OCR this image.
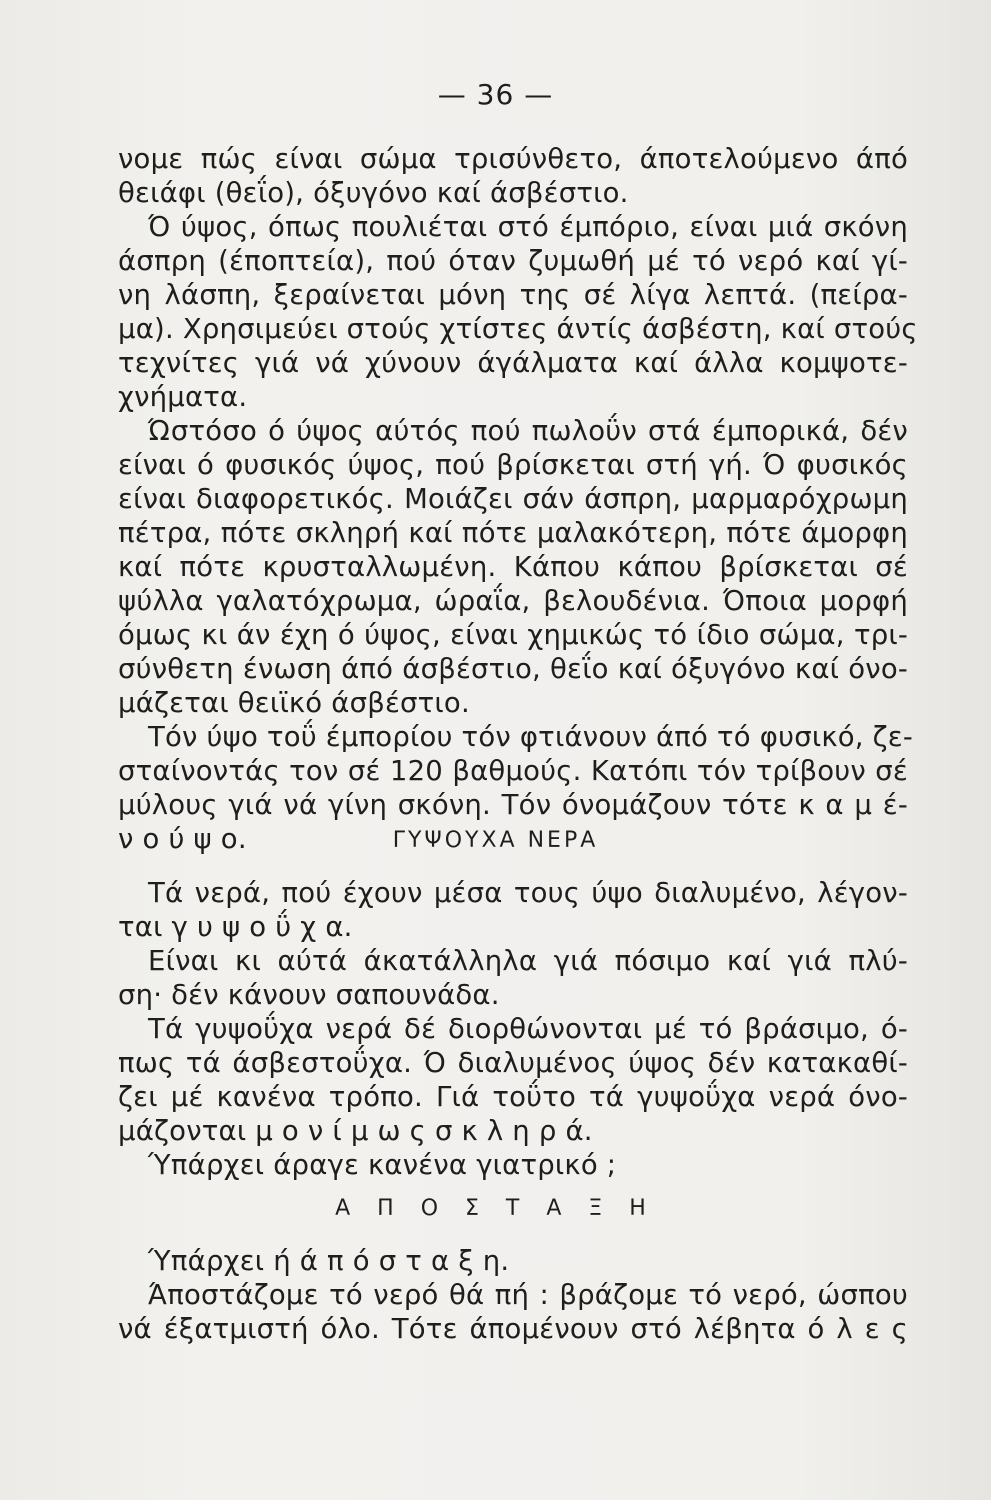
— 36 —
νομε πώς είναι σώμα τρισύνθετο, άποτελούμενο άπό
θειάφι (θεΐο), όξυγόνο καί άσβέστιο.
Ό ύψος, όπως πουλιέται στό έμπόριο, είναι μιά σκόνη
άσπρη (έποπτεία), πού όταν ζυμωθή μέ τό νερό καί γί-
νη λάσπη, ξεραίνεται μόνη της σέ λίγα λεπτά. (πείρα-
μα). Χρησιμεύει στούς χτίστες άντίς άσβέστη, καί στούς
τεχνίτες γιά νά χύνουν άγάλματα καί άλλα κομψοτε-
χνήματα.
Ώστόσο ό ύψος αύτός πού πωλοΰν στά έμπορικά, δέν
είναι ό φυσικός ύψος, πού βρίσκεται στή γή. Ό φυσικός
είναι διαφορετικός. Μοιάζει σάν άσπρη, μαρμαρόχρωμη
πέτρα, πότε σκληρή καί πότε μαλακότερη, πότε άμορφη
καί πότε κρυσταλλωμένη. Κάπου κάπου βρίσκεται σέ
ψύλλα γαλατόχρωμα, ώραΐα, βελουδένια. Όποια μορφή
όμως κι άν έχη ό ύψος, είναι χημικώς τό ίδιο σώμα, τρι-
σύνθετη ένωση άπό άσβέστιο, θεΐο καί όξυγόνο καί όνο-
μάζεται θειϊκό άσβέστιο.
Τόν ύψο τοΰ έμπορίου τόν φτιάνουν άπό τό φυσικό, ζε-
σταίνοντάς τον σέ 120 βαθμούς. Κατόπι τόν τρίβουν σέ
μύλους γιά νά γίνη σκόνη. Τόν όνομάζουν τότε κ α μ έ-
ν ο ύ ψ ο.	ΓΥΨΟΥΧΑ ΝΕΡΑ
Τά νερά, πού έχουν μέσα τους ύψο διαλυμένο, λέγον-
ται γ υ ψ ο ΰ χ α.
Είναι κι αύτά άκατάλληλα γιά πόσιμο καί γιά πλύ-
ση· δέν κάνουν σαπουνάδα.
Τά γυψοΰχα νερά δέ διορθώνονται μέ τό βράσιμο, ό-
πως τά άσβεστοΰχα. Ό διαλυμένος ύψος δέν κατακαθί-
ζει μέ κανένα τρόπο. Γιά τοΰτο τά γυψοΰχα νερά όνο-
μάζονται μ ο ν ί μ ω ς σ κ λ η ρ ά.
Ύπάρχει άραγε κανένα γιατρικό ;
Α Π Ο Σ Τ Α Ξ Η
Ύπάρχει ή ά π ό σ τ α ξ η.
Άποστάζομε τό νερό θά πή : βράζομε τό νερό, ώσπου
νά έξατμιστή όλο. Τότε άπομένουν στό λέβητα ό λ ε ς
